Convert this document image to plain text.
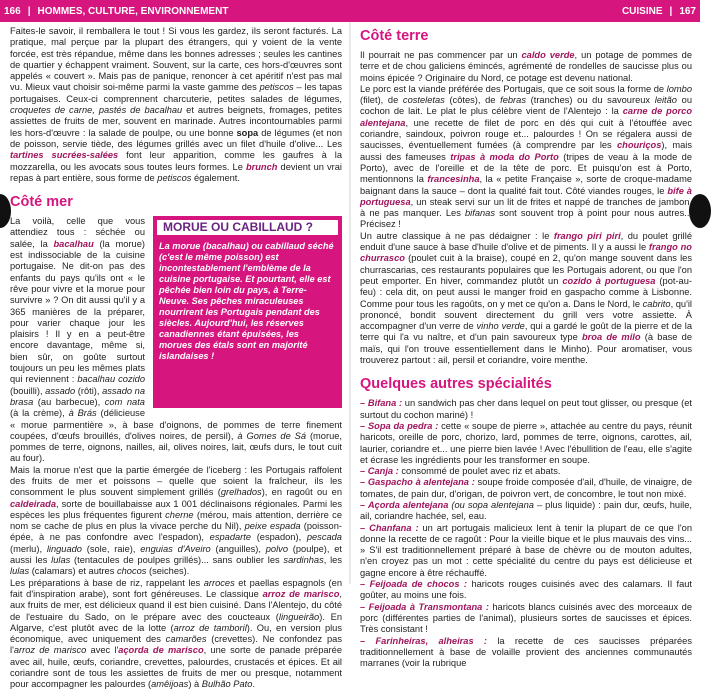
166 | HOMMES, CULTURE, ENVIRONNEMENT	CUISINE | 167

Faites-le savoir, il remballera le tout ! Si vous les gardez, ils seront facturés. La pratique, mal perçue par la plupart des étrangers, qui y voient de la vente forcée, est très répandue, même dans les bonnes adresses ; seules les cantines de quartier y échappent vraiment. Souvent, sur la carte, ces hors-d'œuvres sont appelés « couvert ». Mais pas de panique, renoncer à cet apéritif n'est pas mal vu. Mieux vaut choisir soi-même parmi la vaste gamme des petiscos – les tapas portugaises. Ceux-ci comprennent charcuterie, petites salades de légumes, croquetes de carne, pastés de bacalhau et autres beignets, fromages, petites assiettes de fruits de mer, souvent en marinade. Autres incontournables parmi les hors-d'œuvre : la salade de poulpe, ou une bonne sopa de légumes (et non de poisson, servie tiède, des légumes grillés avec un filet d'huile d'olive... Les tartines sucrées-salées font leur apparition, comme les gaufres à la mozzarella, ou les avocats sous toutes leurs formes. Le brunch devient un vrai repas à part entière, sous forme de petiscos également.

Côté mer
MORUE OU CABILLAUD ?
La morue (bacalhau) ou cabillaud séché (c'est le même poisson) est incontestablement l'emblème de la cuisine portugaise. Et pourtant, elle est pêchée bien loin du pays, à Terre-Neuve. Ses pêches miraculeuses nourrirent les Portugais pendant des siècles. Aujourd'hui, les réserves canadiennes étant épuisées, les morues des étals sont en majorité islandaises !

La voilà, celle que vous attendiez tous : séchée ou salée, la bacalhau (la morue) est indissociable de la cuisine portugaise. Ne dit-on pas des enfants du pays qu'ils ont « le rêve pour vivre et la morue pour survivre » ? On dit aussi qu'il y a 365 manières de la préparer, pour varier chaque jour les plaisirs ! Il y en a peut-être encore davantage, même si, bien sûr, on goûte surtout toujours un peu les mêmes plats qui reviennent : bacalhau cozido (bouilli), assado (rôti), assado na brasa (au barbecue), com nata (à la crème), à Brás (délicieuse « morue parmentière », à base d'oignons, de pommes de terre finement coupées, d'œufs brouillés, d'olives noires, de persil), à Gomes de Sá (morue, pommes de terre, oignons, nailles, ail, olives noires, lait, œufs durs, le tout cuit au four).

Mais la morue n'est que la partie émergée de l'iceberg : les Portugais raffolent des fruits de mer et poissons – quelle que soient la fraîcheur, ils les consomment le plus souvent simplement grillés (grelhados), en ragoût ou en caldeirada, sorte de bouillabaisse aux 1 001 déclinaisons régionales. Parmi les espèces les plus fréquentes figurent cherne (mérou, mais attention, derrière ce nom se cache de plus en plus la vivace perche du Nil), peixe espada (poisson-épée, à ne pas confondre avec l'espadon), espadarte (espadon), pescada (merlu), linguado (sole, raie), enguias d'Aveiro (anguilles), polvo (poulpe), et aussi les lulas (tentacules de poulpes grillés)... sans oublier les sardinhas, les lulas (calamars) et autres chocos (seiches).

Les préparations à base de riz, rappelant les arroces et paellas espagnols (en fait d'inspiration arabe), sont fort généreuses. Le classique arroz de marisco, aux fruits de mer, est délicieux quand il est bien cuisiné. Dans l'Alentejo, du côté de l'estuaire du Sado, on le prépare avec des coucteaux (lingueirão). En Algarve, c'est plutôt avec de la lotte (arroz de tamboril). Ou, en version plus économique, avec uniquement des camarões (crevettes). Ne confondez pas l'arroz de marisco avec l'açorda de marisco, une sorte de panade préparée avec ail, huile, œufs, coriandre, crevettes, palourdes, crustacés et épices. Et ail coriandre sont de tous les assiettes de fruits de mer ou presque, notamment pour accompagner les palourdes (amêijoas) à Bulhão Pato.

Côté terre

Il pourrait ne pas commencer par un caldo verde, un potage de pommes de terre et de chou galiciens émincés, agrémenté de rondelles de saucisse plus ou moins épicée ? Originaire du Nord, ce potage est devenu national.

Le porc est la viande préférée des Portugais, que ce soit sous la forme de lombo (filet), de costeletas (côtes), de febras (tranches) ou du savoureux leitão ou cochon de lait. Le plat le plus célèbre vient de l'Alentejo : la carne de porco alentejana, une recette de filet de porc en dés qui cuit à l'étouffée avec coriandre, saindoux, poivron rouge et... palourdes ! On se régalera aussi de saucisses, éventuellement fumées (à comprendre par les chouriços), mais aussi des fameuses tripas à moda do Porto (tripes de veau à la mode de Porto), avec de l'oreille et de la tête de porc. Et puisqu'on est à Porto, mentionnons la francesinha, la « petite Française », sorte de croque-madame baignant dans la sauce – dont la qualité fait tout. Côté viandes rouges, le bife à portuguesa, un steak servi sur un lit de frites et nappé de tranches de jambon, à ne pas manquer. Les bifanas sont souvent trop à point pour nous autres... Précisez !

Un autre classique à ne pas dédaigner : le frango piri piri, du poulet grillé enduit d'une sauce à base d'huile d'olive et de piments. Il y a aussi le frango no churrasco (poulet cuit à la braise), coupé en 2, qu'on mange souvent dans les churrascarias, ces restaurants populaires que les Portugais adorent, ou que l'on peut emporter. En hiver, commandez plutôt un cozido à portuguesa (pot-au-feu) : cela dit, on peut aussi le manger froid en gaspacho comme à Lisbonne. Comme pour tous les ragoûts, on y met ce qu'on a. Dans le Nord, le cabrito, qu'il prononcé, bondit souvent directement du grill vers votre assiette. À accompagner d'un verre de vinho verde, qui a gardé le goût de la pierre et de la terre qui l'a vu naître, et d'un pain savoureux type broa de milo (à base de maïs, qui l'on trouve essentiellement dans le Minho). Pour aromatiser, vous trouverez partout : ail, persil et coriandre, voire menthe.

Quelques autres spécialités

– Bifana : un sandwich pas cher dans lequel on peut tout glisser, ou presque (et surtout du cochon mariné) !

– Sopa da pedra : cette « soupe de pierre », attachée au centre du pays, réunit haricots, oreille de porc, chorizo, lard, pommes de terre, oignons, carottes, ail, laurier, coriandre et... une pierre bien lavée ! Avec l'ébullition de l'eau, elle s'agite et écrase les ingrédients pour les transformer en soupe.

– Canja : consommé de poulet avec riz et abats.

– Gaspacho à alentejana : soupe froide composée d'ail, d'huile, de vinaigre, de tomates, de pain dur, d'origan, de poivron vert, de concombre, le tout non mixé.

– Açorda alentejana (ou sopa alentejana – plus liquide) : pain dur, œufs, huile, ail, coriandre hachée, sel, eau.

– Chanfana : un art portugais malicieux lent à tenir la plupart de ce que l'on donne la recette de ce ragoût : Pour la vieille bique et le plus mauvais des vins... » S'il est traditionnellement préparé à base de chèvre ou de mouton adultes, n'en croyez pas un mot : cette spécialité du centre du pays est délicieuse et gagne encore à être réchauffé.

– Feijoada de chocos : haricots rouges cuisinés avec des calamars. Il faut goûter, au moins une fois.

– Feijoada à Transmontana : haricots blancs cuisinés avec des morceaux de porc (différentes parties de l'animal), plusieurs sortes de saucisses et épices. Très consistant !

– Farinheiras, alheiras : la recette de ces saucisses préparées traditionnellement à base de volaille provient des anciennes communautés marranes (voir la rubrique
